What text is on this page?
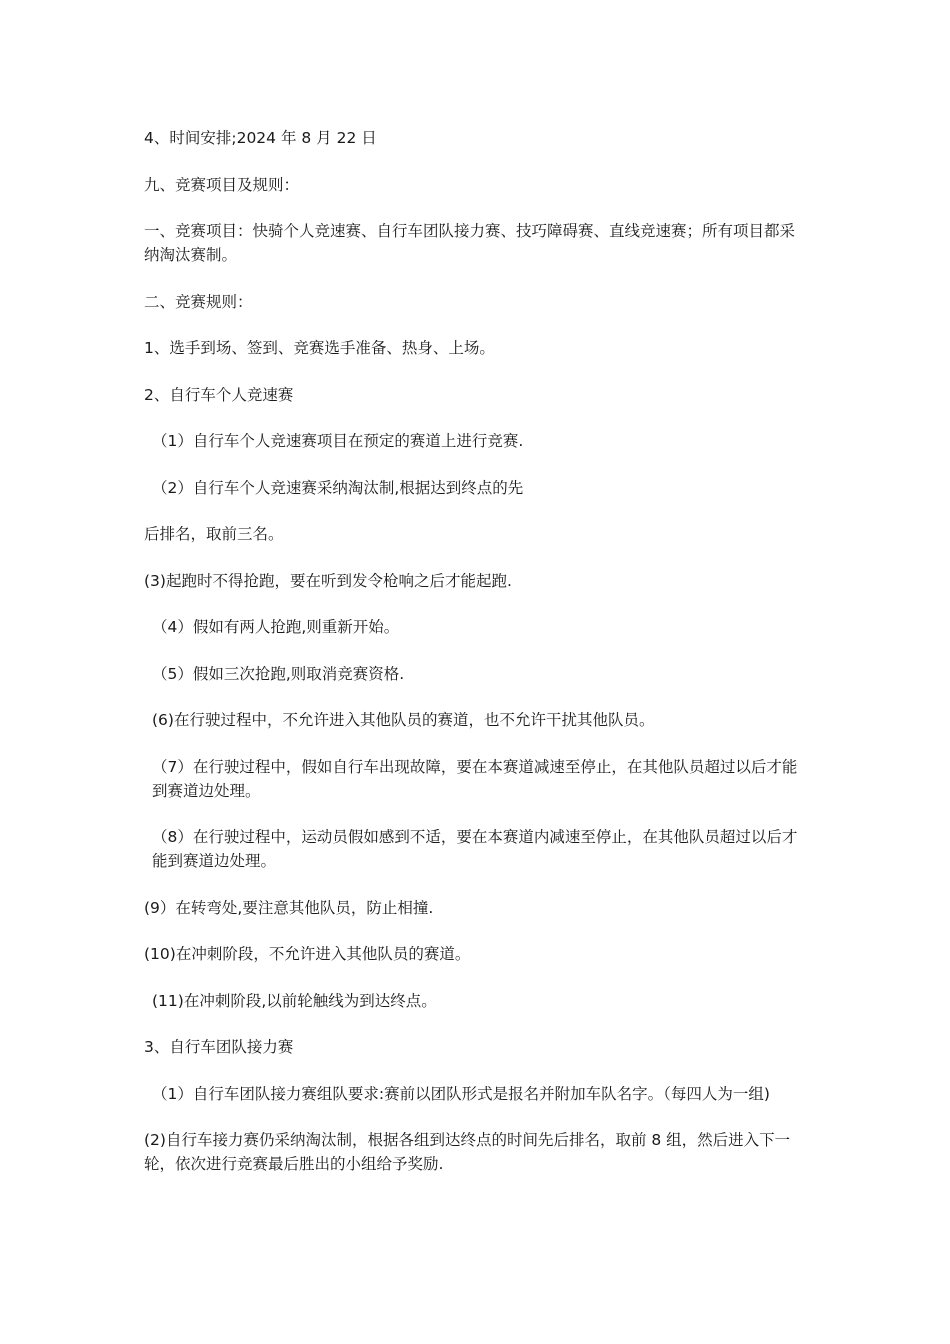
4、时间安排;2024 年 8 月 22 日

九、竞赛项目及规则：

一、竞赛项目：快骑个人竞速赛、自行车团队接力赛、技巧障碍赛、直线竞速赛；所有项目都采纳淘汰赛制。

二、竞赛规则：

1、选手到场、签到、竞赛选手准备、热身、上场。

2、自行车个人竞速赛

（1）自行车个人竞速赛项目在预定的赛道上进行竞赛.

（2）自行车个人竞速赛采纳淘汰制,根据达到终点的先

后排名，取前三名。

(3)起跑时不得抢跑，要在听到发令枪响之后才能起跑.

（4）假如有两人抢跑,则重新开始。

（5）假如三次抢跑,则取消竞赛资格.

(6)在行驶过程中，不允许进入其他队员的赛道，也不允许干扰其他队员。

（7）在行驶过程中，假如自行车出现故障，要在本赛道减速至停止，在其他队员超过以后才能到赛道边处理。

（8）在行驶过程中，运动员假如感到不适，要在本赛道内减速至停止，在其他队员超过以后才能到赛道边处理。

(9）在转弯处,要注意其他队员，防止相撞.

(10)在冲刺阶段，不允许进入其他队员的赛道。

(11)在冲刺阶段,以前轮触线为到达终点。

3、自行车团队接力赛

（1）自行车团队接力赛组队要求:赛前以团队形式是报名并附加车队名字。（每四人为一组)

(2)自行车接力赛仍采纳淘汰制，根据各组到达终点的时间先后排名，取前 8 组，然后进入下一轮，依次进行竞赛最后胜出的小组给予奖励.
